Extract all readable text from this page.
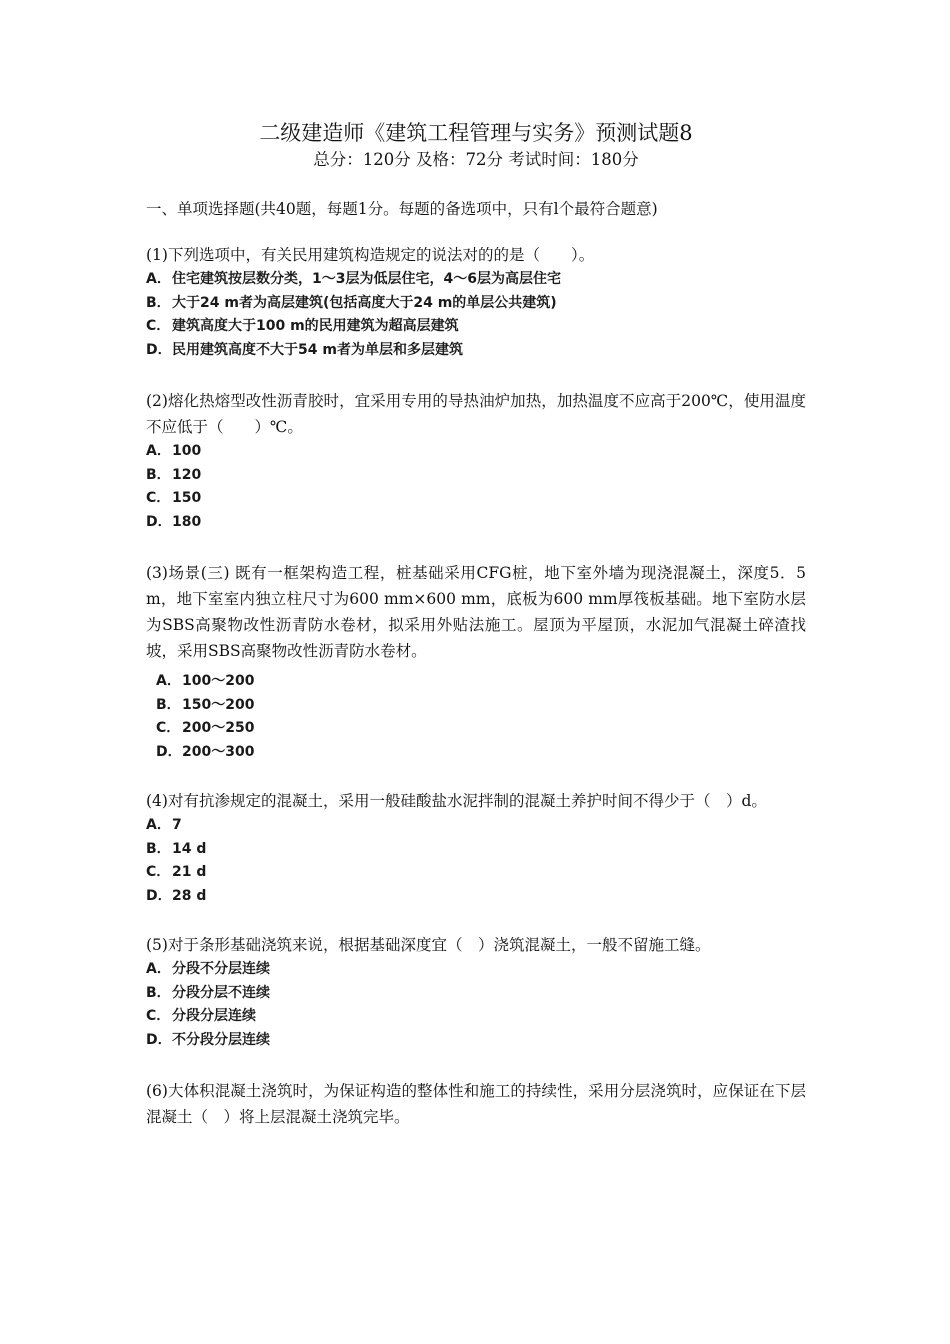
二级建造师《建筑工程管理与实务》预测试题8

总分：120分 及格：72分 考试时间：180分

一、单项选择题(共40题，每题1分。每题的备选项中，只有l个最符合题意)
(1)下列选项中，有关民用建筑构造规定的说法对的的是（　　）。
A．住宅建筑按层数分类，1～3层为低层住宅，4～6层为高层住宅
B．大于24 m者为高层建筑(包括高度大于24 m的单层公共建筑)
C． 建筑高度大于100 m的民用建筑为超高层建筑
D．民用建筑高度不大于54 m者为单层和多层建筑
(2)熔化热熔型改性沥青胶时，宜采用专用的导热油炉加热，加热温度不应高于200℃，使用温度不应低于（　　）℃。
A．100
B．120
C． 150
D．180
(3)场景(三) 既有一框架构造工程，桩基础采用CFG桩，地下室外墙为现浇混凝土，深度5．5 m，地下室室内独立柱尺寸为600 mm×600 mm，底板为600 mm厚筏板基础。地下室防水层为SBS高聚物改性沥青防水卷材，拟采用外贴法施工。屋顶为平屋顶，水泥加气混凝土碎渣找坡，采用SBS高聚物改性沥青防水卷材。
A．100～200
B．150～200
C． 200～250
D．200～300
(4)对有抗渗规定的混凝土，采用一般硅酸盐水泥拌制的混凝土养护时间不得少于（　）d。
A．7
B．14 d
C． 21 d
D．28 d
(5)对于条形基础浇筑来说，根据基础深度宜（　）浇筑混凝土，一般不留施工缝。
A．分段不分层连续
B．分段分层不连续
C． 分段分层连续
D．不分段分层连续
(6)大体积混凝土浇筑时，为保证构造的整体性和施工的持续性，采用分层浇筑时，应保证在下层混凝土（　）将上层混凝土浇筑完毕。
